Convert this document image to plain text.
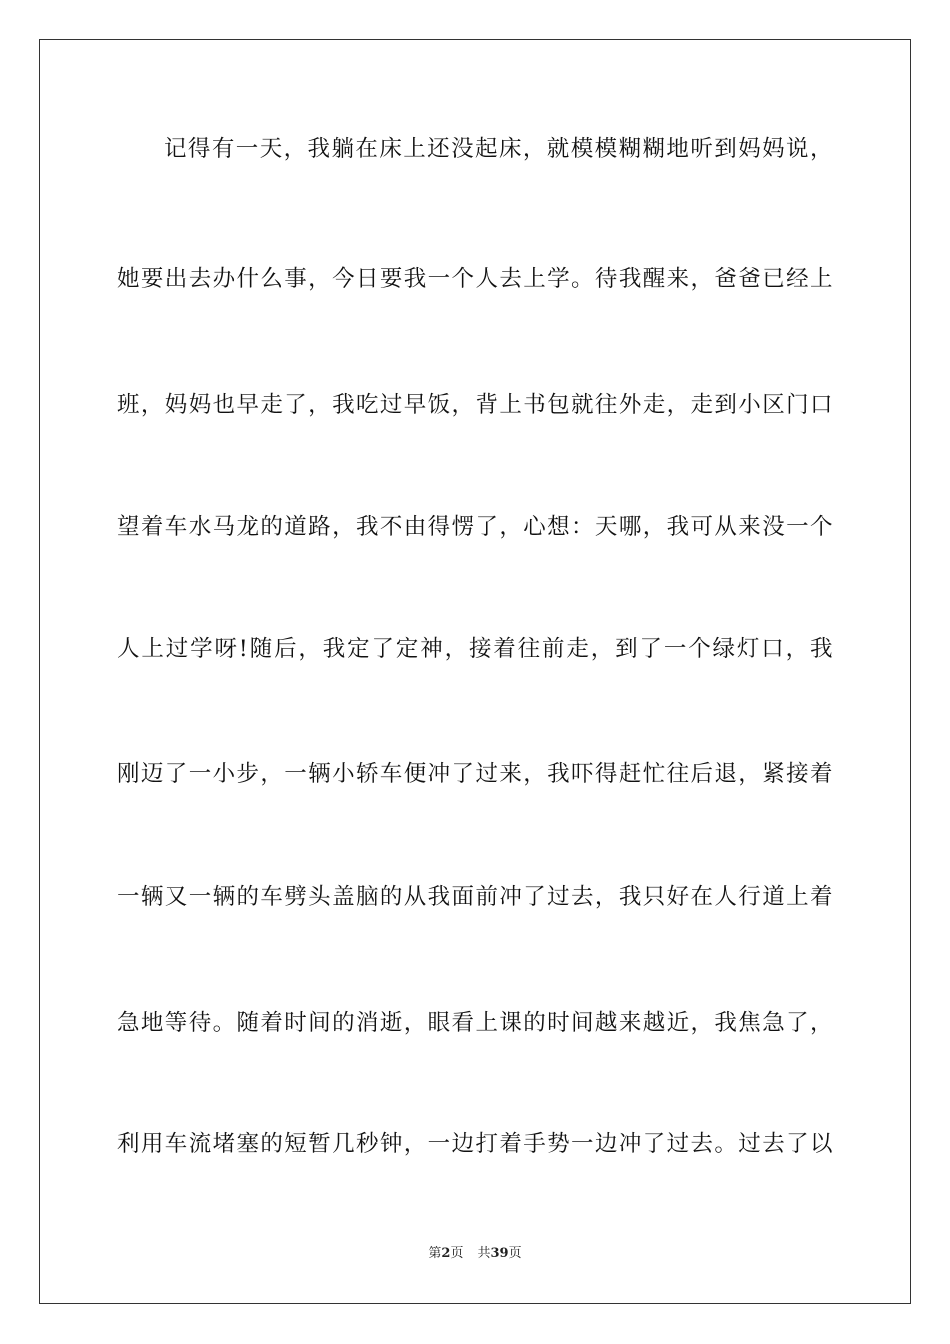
记得有一天，我躺在床上还没起床，就模模糊糊地听到妈妈说，
她要出去办什么事，今日要我一个人去上学。待我醒来，爸爸已经上
班，妈妈也早走了，我吃过早饭，背上书包就往外走，走到小区门口
望着车水马龙的道路，我不由得愣了，心想：天哪，我可从来没一个
人上过学呀!随后，我定了定神，接着往前走，到了一个绿灯口，我
刚迈了一小步，一辆小轿车便冲了过来，我吓得赶忙往后退，紧接着
一辆又一辆的车劈头盖脑的从我面前冲了过去，我只好在人行道上着
急地等待。随着时间的消逝，眼看上课的时间越来越近，我焦急了，
利用车流堵塞的短暂几秒钟，一边打着手势一边冲了过去。过去了以
第2页 共39页
